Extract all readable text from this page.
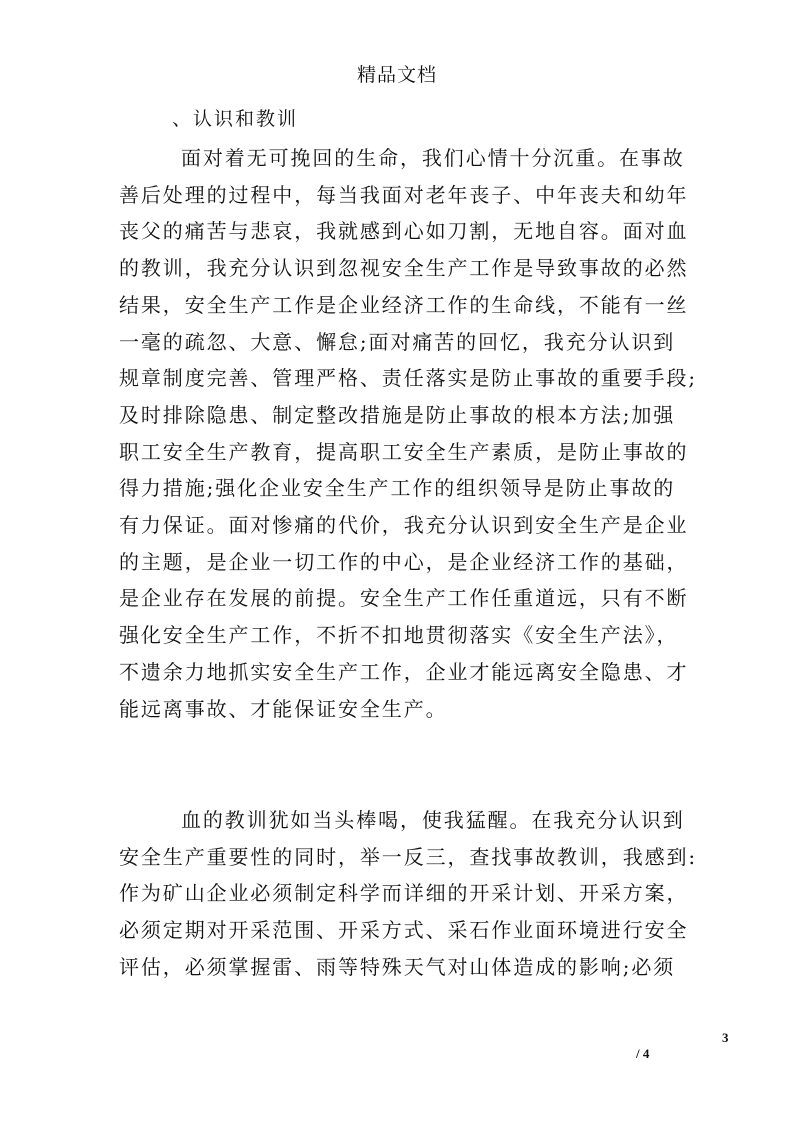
精品文档
、认识和教训
面对着无可挽回的生命，我们心情十分沉重。在事故
善后处理的过程中，每当我面对老年丧子、中年丧夫和幼年
丧父的痛苦与悲哀，我就感到心如刀割，无地自容。面对血
的教训，我充分认识到忽视安全生产工作是导致事故的必然
结果，安全生产工作是企业经济工作的生命线，不能有一丝
一毫的疏忽、大意、懈怠;面对痛苦的回忆，我充分认识到
规章制度完善、管理严格、责任落实是防止事故的重要手段;
及时排除隐患、制定整改措施是防止事故的根本方法;加强
职工安全生产教育，提高职工安全生产素质，是防止事故的
得力措施;强化企业安全生产工作的组织领导是防止事故的
有力保证。面对惨痛的代价，我充分认识到安全生产是企业
的主题，是企业一切工作的中心，是企业经济工作的基础，
是企业存在发展的前提。安全生产工作任重道远，只有不断
强化安全生产工作，不折不扣地贯彻落实《安全生产法》，
不遗余力地抓实安全生产工作，企业才能远离安全隐患、才
能远离事故、才能保证安全生产。
血的教训犹如当头棒喝，使我猛醒。在我充分认识到
安全生产重要性的同时，举一反三，查找事故教训，我感到:
作为矿山企业必须制定科学而详细的开采计划、开采方案，
必须定期对开采范围、开采方式、采石作业面环境进行安全
评估，必须掌握雷、雨等特殊天气对山体造成的影响;必须
3
/ 4
